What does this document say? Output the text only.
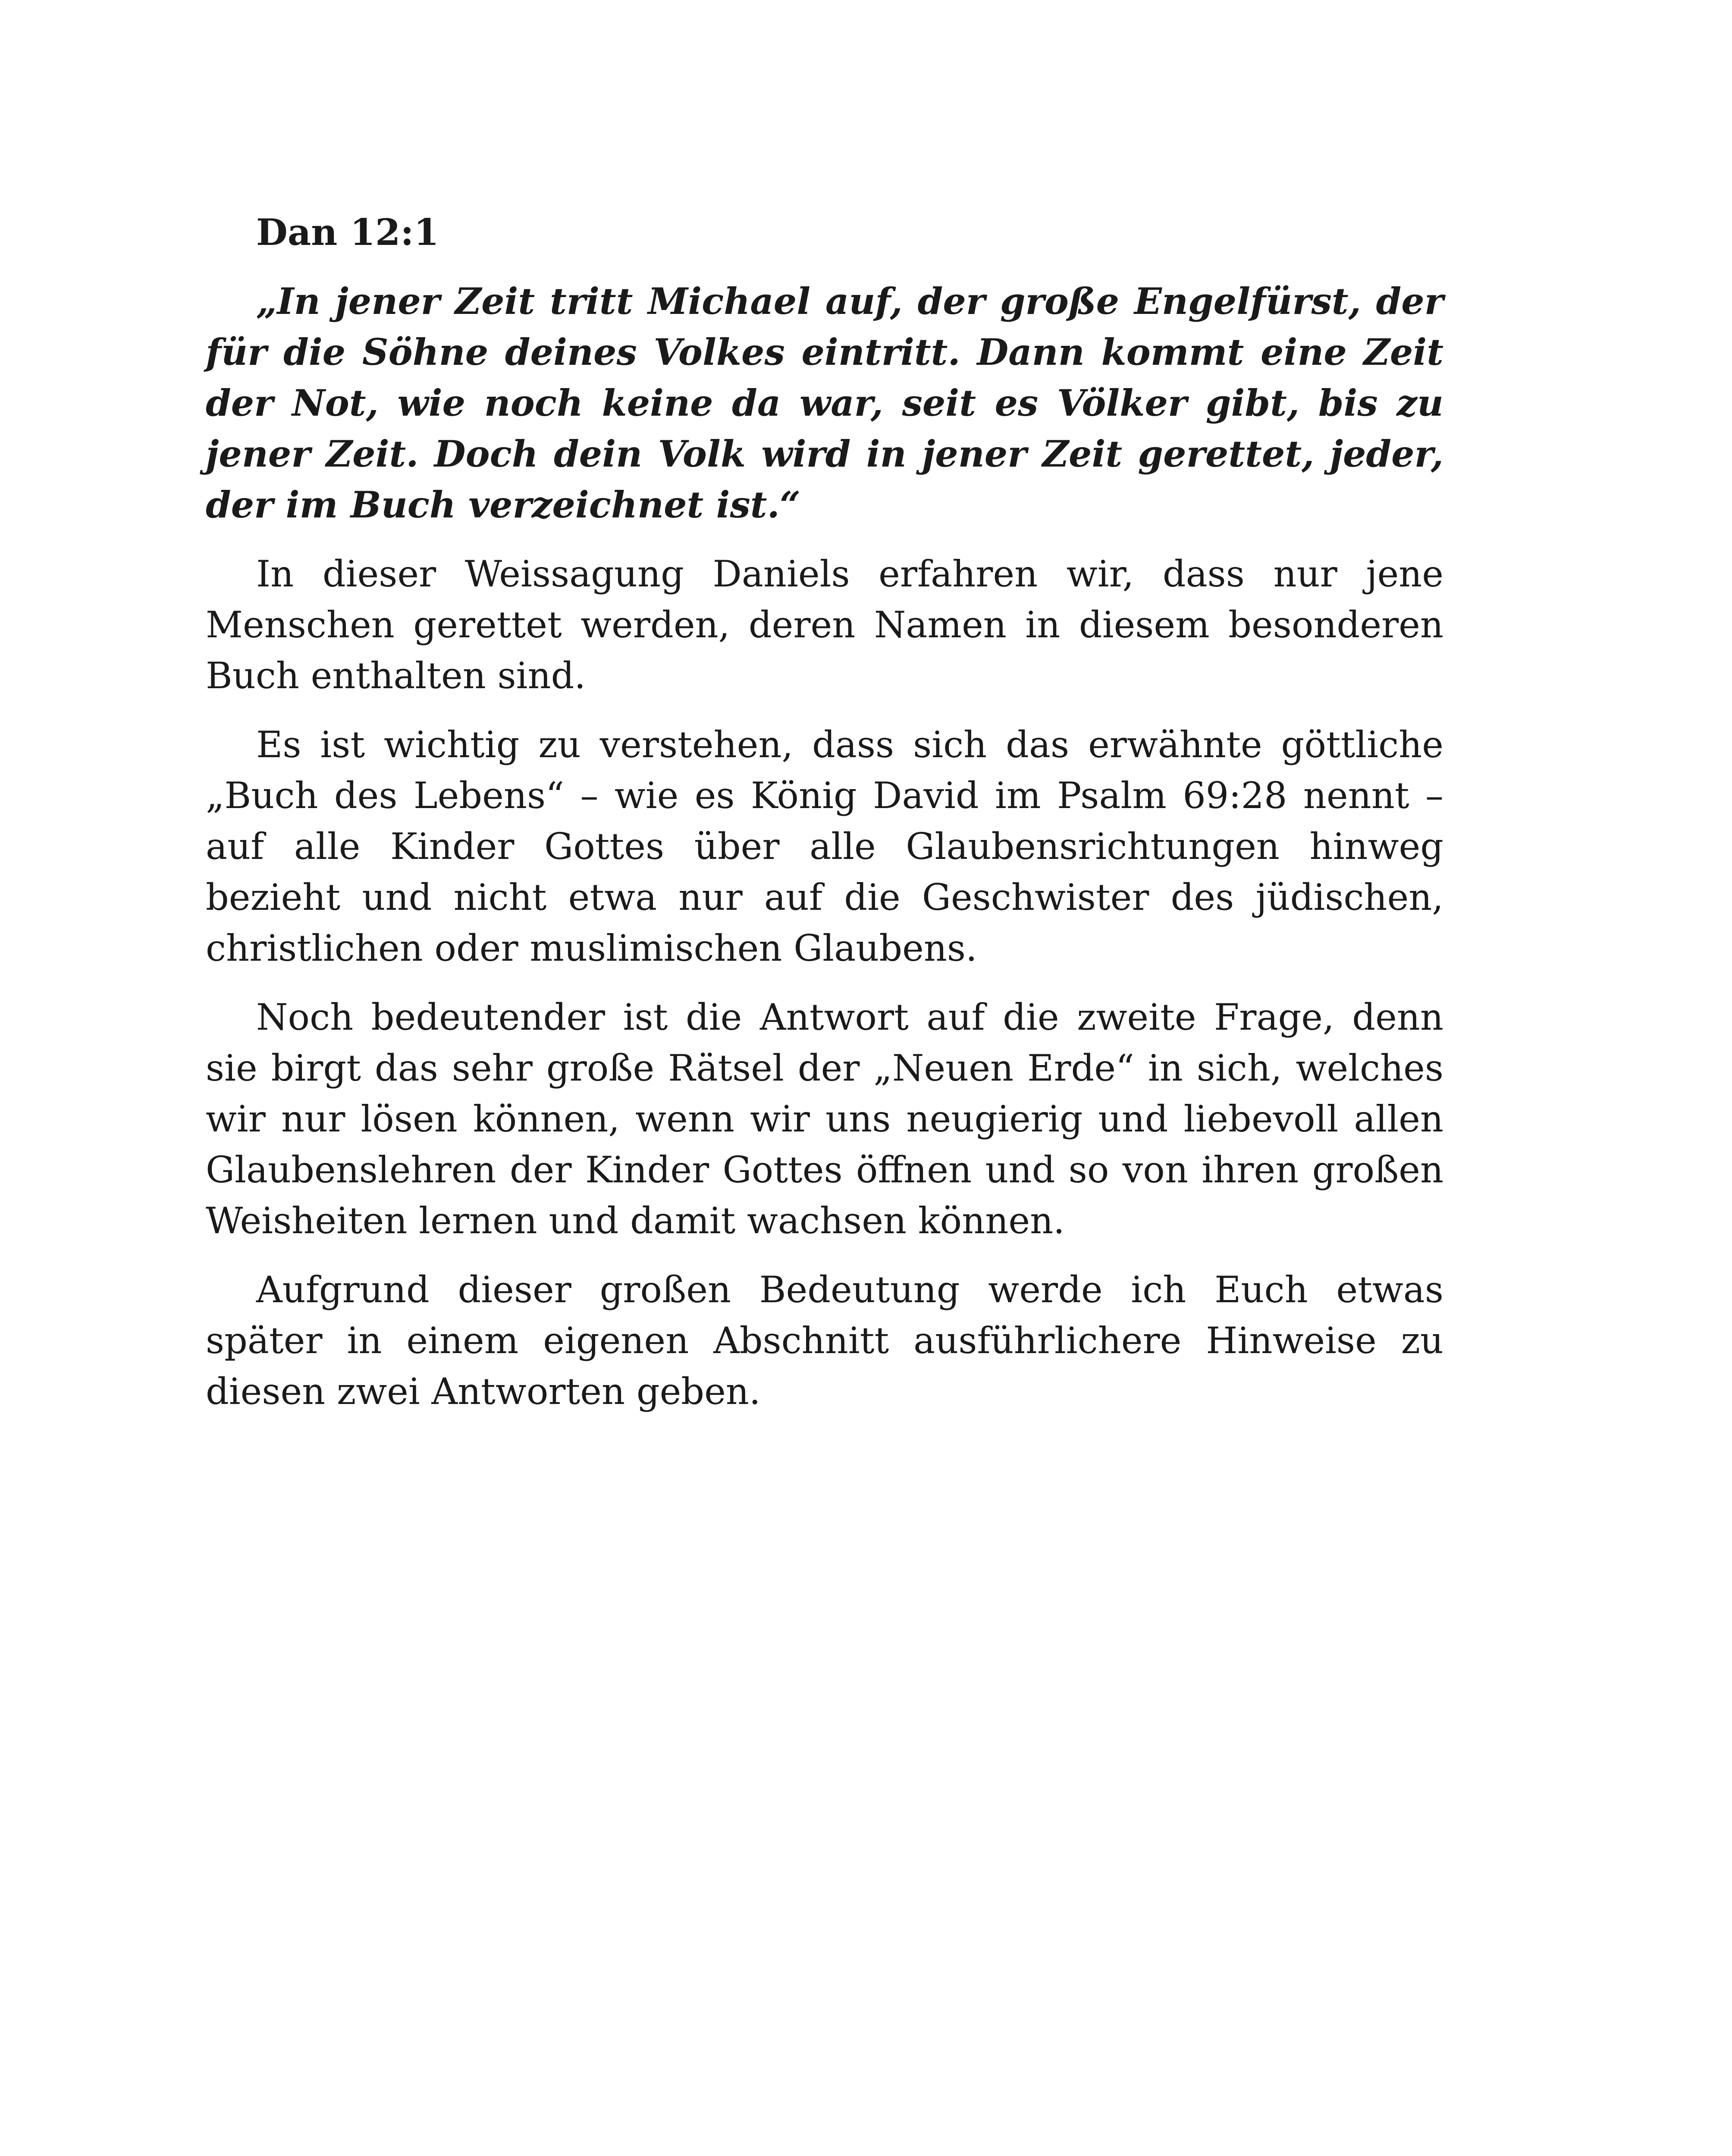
Dan 12:1

„In jener Zeit tritt Michael auf, der große Engelfürst, der für die Söhne deines Volkes eintritt. Dann kommt eine Zeit der Not, wie noch keine da war, seit es Völker gibt, bis zu jener Zeit. Doch dein Volk wird in jener Zeit gerettet, jeder, der im Buch verzeichnet ist.“

In dieser Weissagung Daniels erfahren wir, dass nur jene Menschen gerettet werden, deren Namen in diesem besonderen Buch enthalten sind.

Es ist wichtig zu verstehen, dass sich das erwähnte göttliche „Buch des Lebens“ – wie es König David im Psalm 69:28 nennt – auf alle Kinder Gottes über alle Glaubensrichtungen hinweg bezieht und nicht etwa nur auf die Geschwister des jüdischen, christlichen oder muslimischen Glaubens.

Noch bedeutender ist die Antwort auf die zweite Frage, denn sie birgt das sehr große Rätsel der „Neuen Erde“ in sich, welches wir nur lösen können, wenn wir uns neugierig und liebevoll allen Glaubenslehren der Kinder Gottes öffnen und so von ihren großen Weisheiten lernen und damit wachsen können.

Aufgrund dieser großen Bedeutung werde ich Euch etwas später in einem eigenen Abschnitt ausführlichere Hinweise zu diesen zwei Antworten geben.
